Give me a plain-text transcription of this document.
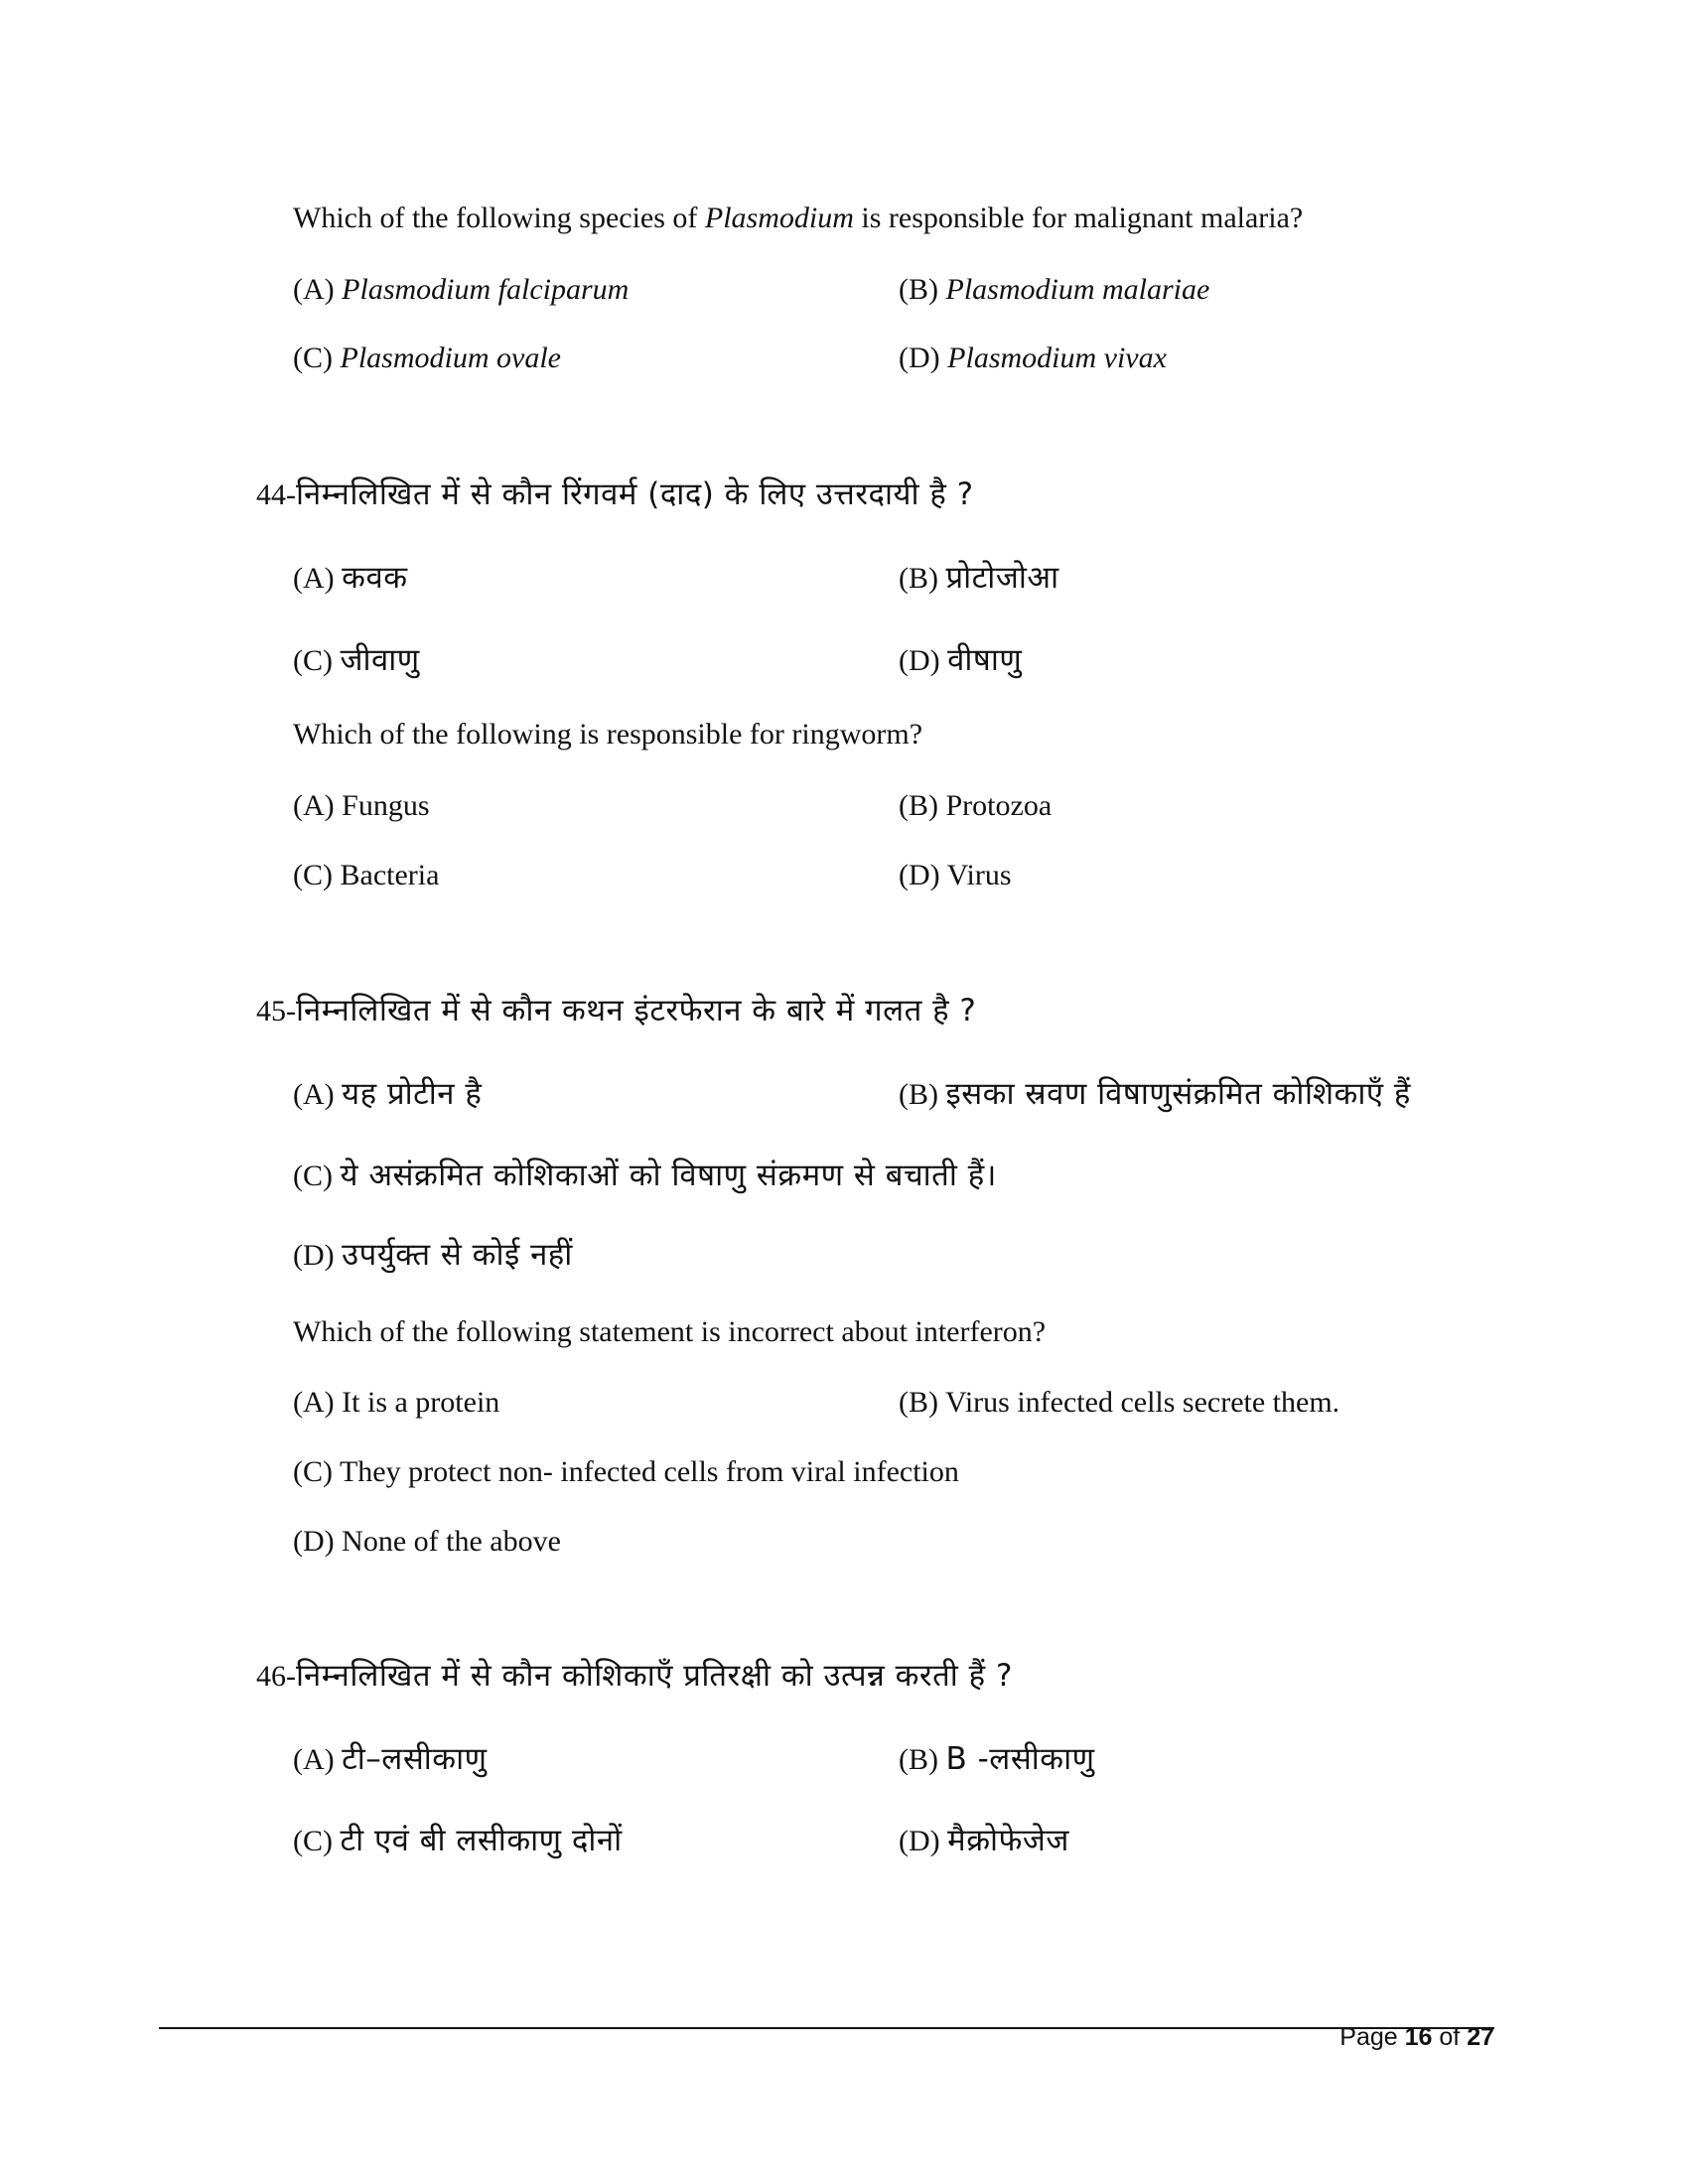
Which of the following species of Plasmodium is responsible for malignant malaria?
(A) Plasmodium falciparum	(B) Plasmodium malariae
(C) Plasmodium ovale	(D) Plasmodium vivax
44-निम्नलिखित में से कौन रिंगवर्म (दाद) के लिए उत्तरदायी है ?
(A) कवक	(B) प्रोटोजोआ
(C) जीवाणु	(D) वीषाणु
Which of the following is responsible for ringworm?
(A) Fungus	(B) Protozoa
(C) Bacteria	(D) Virus
45-निम्नलिखित में से कौन कथन इंटरफेरान के बारे में गलत है ?
(A) यह प्रोटीन है	(B) इसका स्रवण विषाणुसंक्रमित कोशिकाएँ हैं
(C) ये असंक्रमित कोशिकाओं को विषाणु संक्रमण से बचाती हैं।
(D) उपर्युक्त से कोई नहीं
Which of the following statement is incorrect about interferon?
(A) It is a protein	(B) Virus infected cells secrete them.
(C) They protect non- infected cells from viral infection
(D) None of the above
46-निम्नलिखित में से कौन कोशिकाएँ प्रतिरक्षी को उत्पन्न करती हैं ?
(A) टी–लसीकाणु	(B) B -लसीकाणु
(C) टी एवं बी लसीकाणु दोनों	(D) मैक्रोफेजेज
Page 16 of 27
